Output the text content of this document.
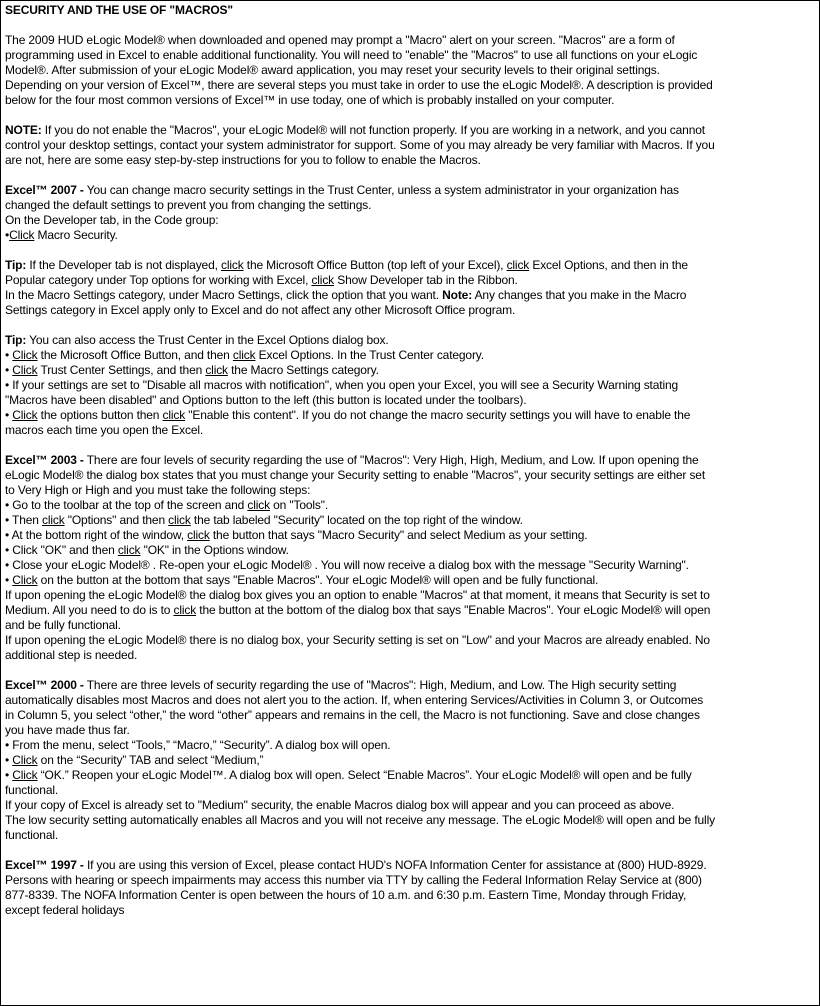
SECURITY AND THE USE OF "MACROS"
The 2009 HUD eLogic Model® when downloaded and opened may prompt a "Macro" alert on your screen. "Macros" are a form of
programming used in Excel to enable additional functionality. You will need to "enable" the "Macros" to use all functions on your eLogic
Model®. After submission of your eLogic Model® award application, you may reset your security levels to their original settings.
Depending on your version of Excel™, there are several steps you must take in order to use the eLogic Model®. A description is provided
below for the four most common versions of Excel™ in use today, one of which is probably installed on your computer.
NOTE: If you do not enable the "Macros", your eLogic Model® will not function properly. If you are working in a network, and you cannot
control your desktop settings, contact your system administrator for support. Some of you may already be very familiar with Macros. If you
are not, here are some easy step-by-step instructions for you to follow to enable the Macros.
Excel™ 2007 - You can change macro security settings in the Trust Center, unless a system administrator in your organization has
changed the default settings to prevent you from changing the settings.
On the Developer tab, in the Code group:
•Click Macro Security.
Tip: If the Developer tab is not displayed, click the Microsoft Office Button (top left of your Excel), click Excel Options, and then in the
Popular category under Top options for working with Excel, click Show Developer tab in the Ribbon.
In the Macro Settings category, under Macro Settings, click the option that you want. Note: Any changes that you make in the Macro
Settings category in Excel apply only to Excel and do not affect any other Microsoft Office program.
Tip: You can also access the Trust Center in the Excel Options dialog box.
• Click the Microsoft Office Button, and then click Excel Options. In the Trust Center category.
• Click Trust Center Settings, and then click the Macro Settings category.
• If your settings are set to "Disable all macros with notification", when you open your Excel, you will see a Security Warning stating
"Macros have been disabled" and Options button to the left (this button is located under the toolbars).
• Click the options button then click "Enable this content". If you do not change the macro security settings you will have to enable the
macros each time you open the Excel.
Excel™ 2003 - There are four levels of security regarding the use of "Macros": Very High, High, Medium, and Low. If upon opening the
eLogic Model® the dialog box states that you must change your Security setting to enable "Macros", your security settings are either set
to Very High or High and you must take the following steps:
• Go to the toolbar at the top of the screen and click on "Tools".
• Then click "Options" and then click the tab labeled "Security" located on the top right of the window.
• At the bottom right of the window, click the button that says "Macro Security" and select Medium as your setting.
• Click "OK" and then click "OK" in the Options window.
• Close your eLogic Model® . Re-open your eLogic Model® . You will now receive a dialog box with the message "Security Warning".
• Click on the button at the bottom that says "Enable Macros". Your eLogic Model® will open and be fully functional.
If upon opening the eLogic Model® the dialog box gives you an option to enable "Macros" at that moment, it means that Security is set to
Medium. All you need to do is to click the button at the bottom of the dialog box that says "Enable Macros". Your eLogic Model® will open
and be fully functional.
If upon opening the eLogic Model® there is no dialog box, your Security setting is set on "Low" and your Macros are already enabled. No
additional step is needed.
Excel™ 2000 - There are three levels of security regarding the use of "Macros": High, Medium, and Low. The High security setting
automatically disables most Macros and does not alert you to the action. If, when entering Services/Activities in Column 3, or Outcomes
in Column 5, you select “other,” the word “other” appears and remains in the cell, the Macro is not functioning. Save and close changes
you have made thus far.
• From the menu, select “Tools,” “Macro,” “Security”. A dialog box will open.
• Click on the “Security” TAB and select “Medium,”
• Click “OK.” Reopen your eLogic Model™. A dialog box will open. Select “Enable Macros”. Your eLogic Model® will open and be fully
functional.
If your copy of Excel is already set to "Medium" security, the enable Macros dialog box will appear and you can proceed as above.
The low security setting automatically enables all Macros and you will not receive any message. The eLogic Model® will open and be fully
functional.
Excel™ 1997 - If you are using this version of Excel, please contact HUD's NOFA Information Center for assistance at (800) HUD-8929.
Persons with hearing or speech impairments may access this number via TTY by calling the Federal Information Relay Service at (800)
877-8339. The NOFA Information Center is open between the hours of 10 a.m. and 6:30 p.m. Eastern Time, Monday through Friday,
except federal holidays
